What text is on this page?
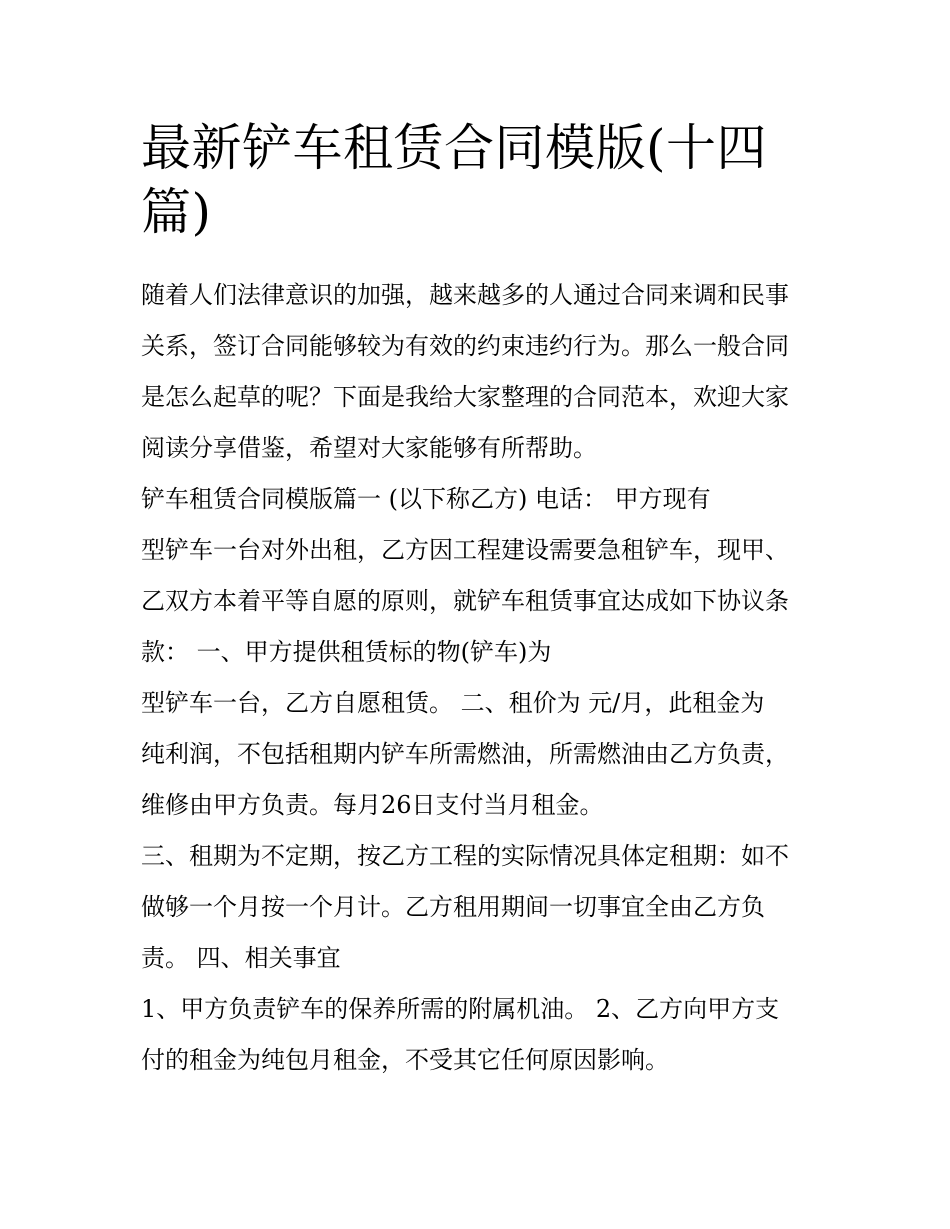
最新铲车租赁合同模版(十四
篇)

随着人们法律意识的加强，越来越多的人通过合同来调和民事
关系，签订合同能够较为有效的约束违约行为。那么一般合同
是怎么起草的呢？下面是我给大家整理的合同范本，欢迎大家
阅读分享借鉴，希望对大家能够有所帮助。

铲车租赁合同模版篇一 (以下称乙方) 电话： 甲方现有
型铲车一台对外出租，乙方因工程建设需要急租铲车，现甲、
乙双方本着平等自愿的原则，就铲车租赁事宜达成如下协议条
款： 一、甲方提供租赁标的物(铲车)为
型铲车一台，乙方自愿租赁。 二、租价为 元/月，此租金为
纯利润，不包括租期内铲车所需燃油，所需燃油由乙方负责，
维修由甲方负责。每月26日支付当月租金。

三、租期为不定期，按乙方工程的实际情况具体定租期：如不
做够一个月按一个月计。乙方租用期间一切事宜全由乙方负
责。 四、相关事宜

1、甲方负责铲车的保养所需的附属机油。 2、乙方向甲方支
付的租金为纯包月租金，不受其它任何原因影响。
